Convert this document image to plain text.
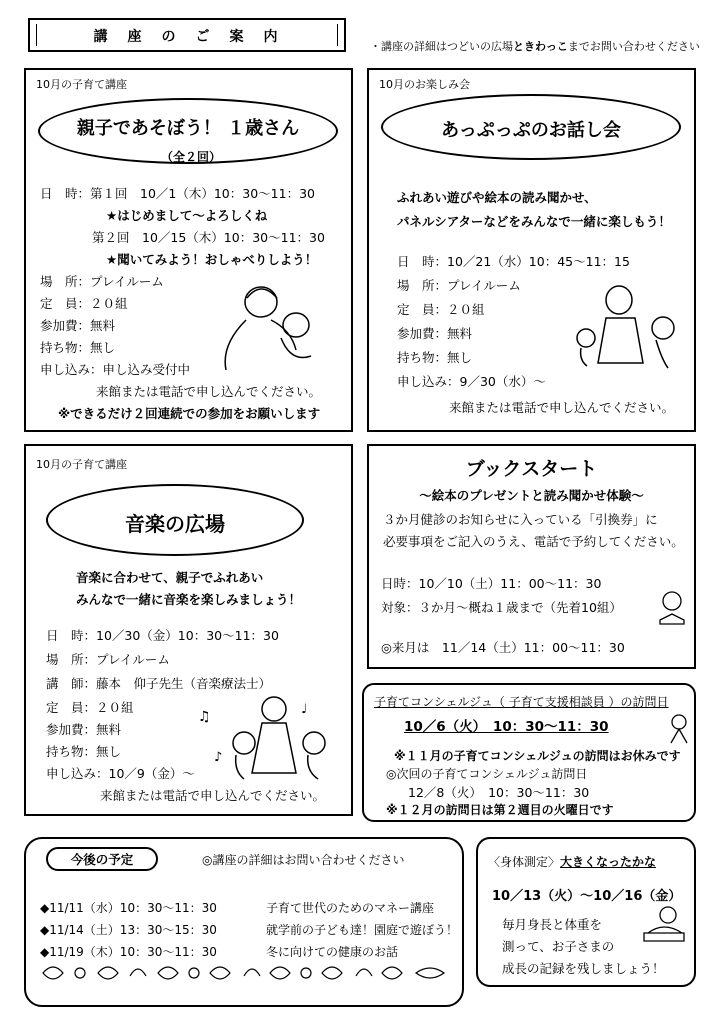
講　座　の　ご　案　内
・講座の詳細はつどいの広場ときわっこまでお問い合わせください
10月の子育て講座
親子であそぼう！ １歳さん
（全２回）
日　時：第１回　10／1（木）10：30～11：30
★はじめまして～よろしくね
第２回　10／15（木）10：30～11：30
★聞いてみよう！おしゃべりしよう！
場　所：プレイルーム
定　員：２０組
参加費：無料
持ち物：無し
申し込み：申し込み受付中
来館または電話で申し込んでください。
※できるだけ２回連続での参加をお願いします
10月のお楽しみ会
あっぷっぷのお話し会
ふれあい遊びや絵本の読み聞かせ、
パネルシアターなどをみんなで一緒に楽しもう！
日　時：10／21（水）10：45～11：15
場　所：プレイルーム
定　員：２０組
参加費：無料
持ち物：無し
申し込み：9／30（水）～
来館または電話で申し込んでください。
10月の子育て講座
音楽の広場
音楽に合わせて、親子でふれあい
みんなで一緒に音楽を楽しみましょう！
日　時：10／30（金）10：30～11：30
場　所：プレイルーム
講　師：藤本　仰子先生（音楽療法士）
定　員：２０組
参加費：無料
持ち物：無し
申し込み：10／9（金）～
来館または電話で申し込んでください。
♫
♪
♩
ブックスタート
～絵本のプレゼントと読み聞かせ体験～
３か月健診のお知らせに入っている「引換券」に
必要事項をご記入のうえ、電話で予約してください。
日時：10／10（土）11：00～11：30
対象：３か月～概ね１歳まで（先着10組）
◎来月は　11／14（土）11：00～11：30
子育てコンシェルジュ（ 子育て支援相談員 ）の訪問日
10／6（火）　10：30～11：30
※１１月の子育てコンシェルジュの訪問はお休みです
◎次回の子育てコンシェルジュ訪問日
12／8（火）　10：30～11：30
※１２月の訪問日は第２週目の火曜日です
今後の予定	◎講座の詳細はお問い合わせください
◆11/11（水）10：30～11：30	子育て世代のためのマネー講座
◆11/14（土）13：30～15：30	就学前の子ども達！園庭で遊ぼう！
◆11/19（木）10：30～11：30	冬に向けての健康のお話
〈身体測定〉大きくなったかな
10／13（火）～10／16（金）
毎月身長と体重を
測って、お子さまの
成長の記録を残しましょう！
